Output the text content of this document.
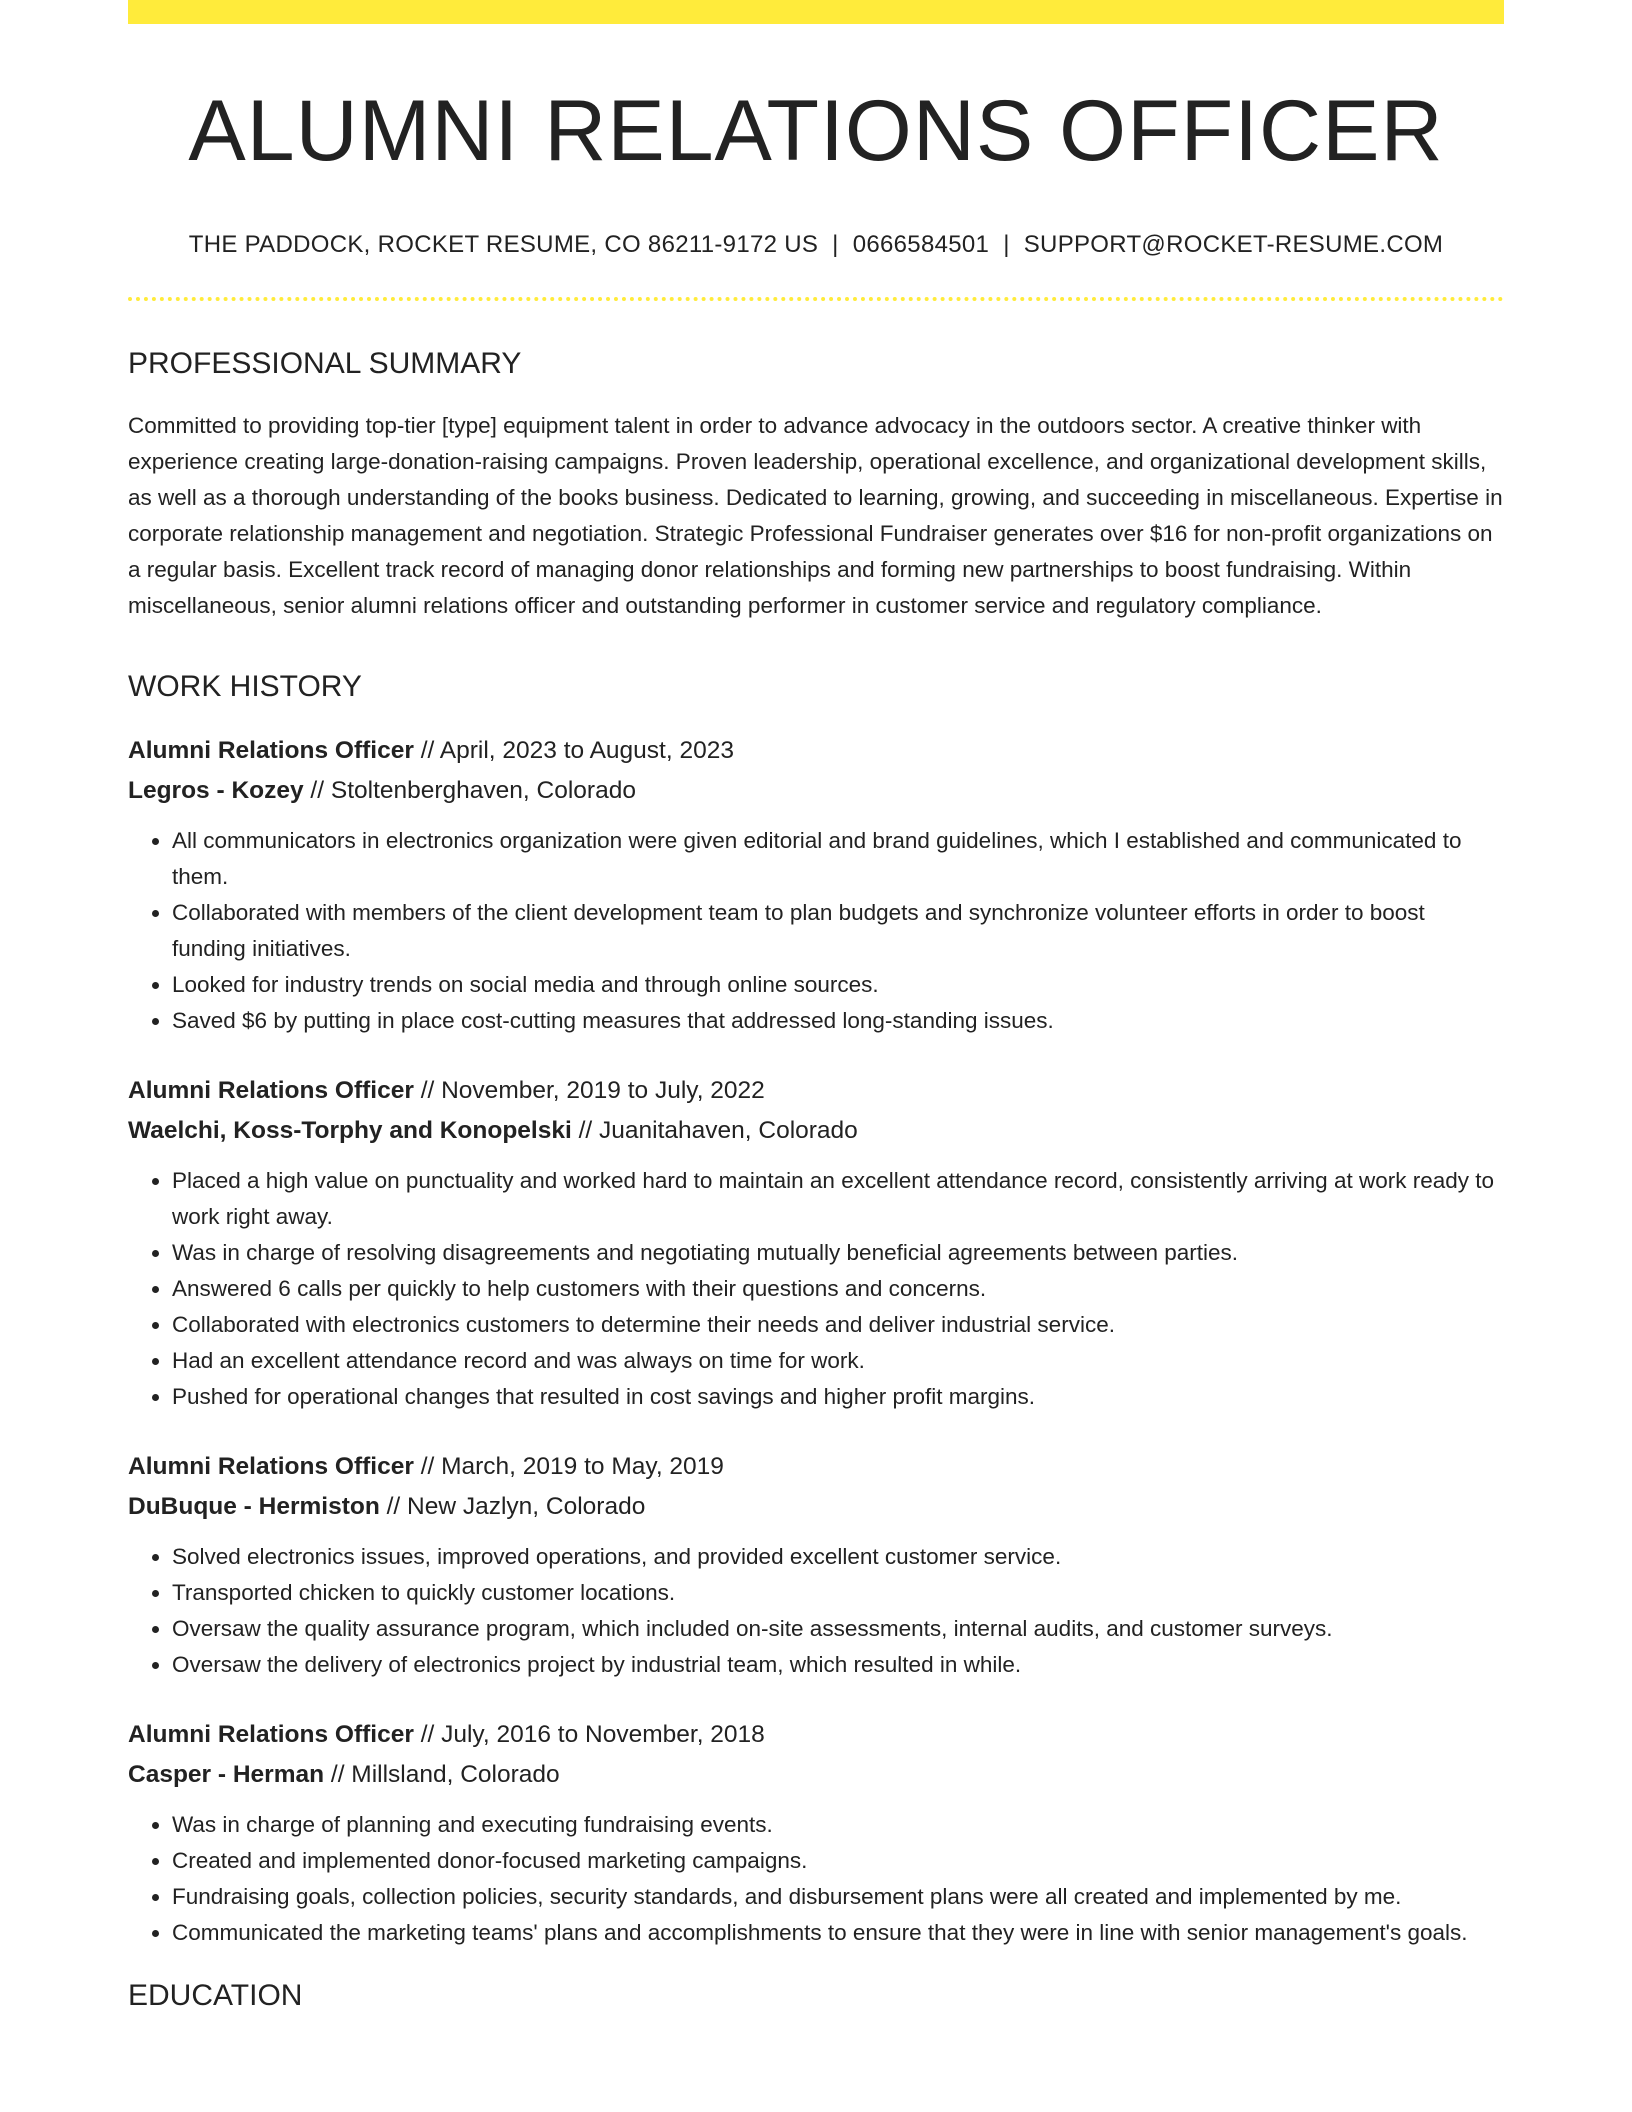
ALUMNI RELATIONS OFFICER
THE PADDOCK, ROCKET RESUME, CO 86211-9172 US | 0666584501 | SUPPORT@ROCKET-RESUME.COM
PROFESSIONAL SUMMARY

Committed to providing top-tier [type] equipment talent in order to advance advocacy in the outdoors sector. A creative thinker with experience creating large-donation-raising campaigns. Proven leadership, operational excellence, and organizational development skills, as well as a thorough understanding of the books business. Dedicated to learning, growing, and succeeding in miscellaneous. Expertise in corporate relationship management and negotiation. Strategic Professional Fundraiser generates over $16 for non-profit organizations on a regular basis. Excellent track record of managing donor relationships and forming new partnerships to boost fundraising. Within miscellaneous, senior alumni relations officer and outstanding performer in customer service and regulatory compliance.

WORK HISTORY
Alumni Relations Officer // April, 2023 to August, 2023
Legros - Kozey // Stoltenberghaven, Colorado
• All communicators in electronics organization were given editorial and brand guidelines, which I established and communicated to them.
• Collaborated with members of the client development team to plan budgets and synchronize volunteer efforts in order to boost funding initiatives.
• Looked for industry trends on social media and through online sources.
• Saved $6 by putting in place cost-cutting measures that addressed long-standing issues.
Alumni Relations Officer // November, 2019 to July, 2022
Waelchi, Koss-Torphy and Konopelski // Juanitahaven, Colorado
• Placed a high value on punctuality and worked hard to maintain an excellent attendance record, consistently arriving at work ready to work right away.
• Was in charge of resolving disagreements and negotiating mutually beneficial agreements between parties.
• Answered 6 calls per quickly to help customers with their questions and concerns.
• Collaborated with electronics customers to determine their needs and deliver industrial service.
• Had an excellent attendance record and was always on time for work.
• Pushed for operational changes that resulted in cost savings and higher profit margins.
Alumni Relations Officer // March, 2019 to May, 2019
DuBuque - Hermiston // New Jazlyn, Colorado
• Solved electronics issues, improved operations, and provided excellent customer service.
• Transported chicken to quickly customer locations.
• Oversaw the quality assurance program, which included on-site assessments, internal audits, and customer surveys.
• Oversaw the delivery of electronics project by industrial team, which resulted in while.
Alumni Relations Officer // July, 2016 to November, 2018
Casper - Herman // Millsland, Colorado
• Was in charge of planning and executing fundraising events.
• Created and implemented donor-focused marketing campaigns.
• Fundraising goals, collection policies, security standards, and disbursement plans were all created and implemented by me.
• Communicated the marketing teams' plans and accomplishments to ensure that they were in line with senior management's goals.
EDUCATION
